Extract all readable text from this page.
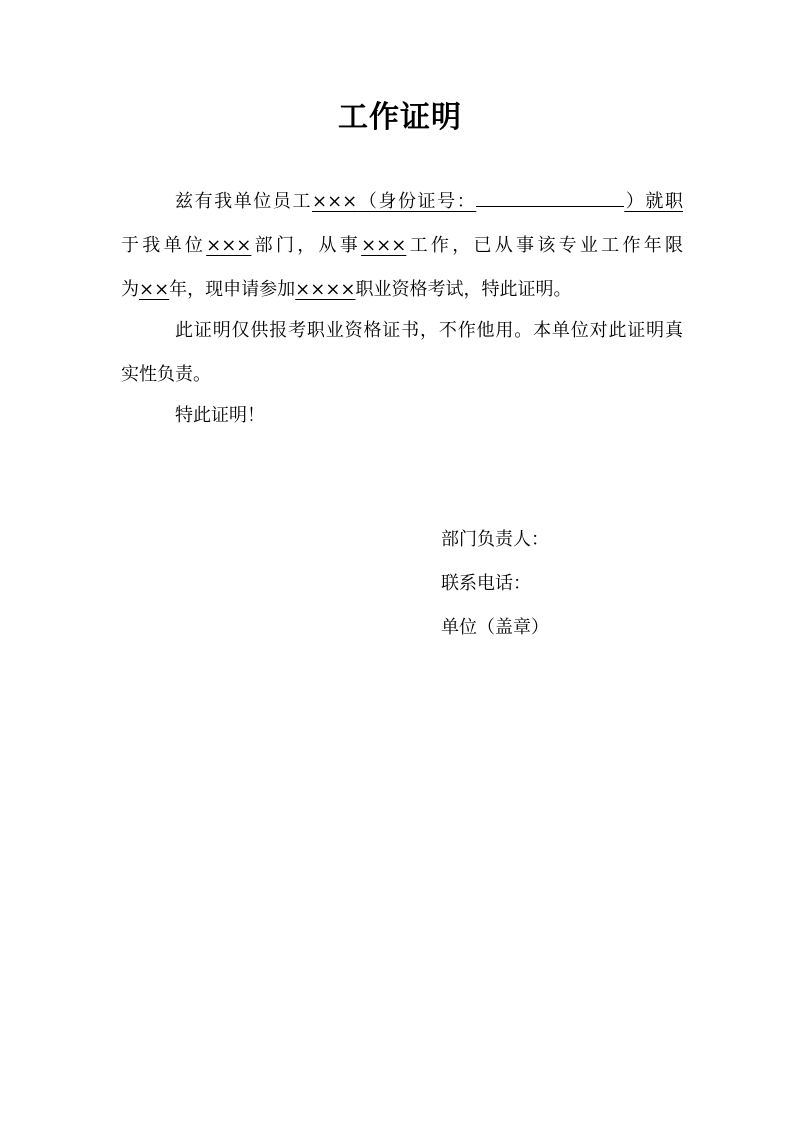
工作证明
兹有我单位员工×××（身份证号：	）就职
于我单位×××部门，从事×××工作，已从事该专业工作年限
为××年，现申请参加××××职业资格考试，特此证明。
此证明仅供报考职业资格证书，不作他用。本单位对此证明真
实性负责。
特此证明！
部门负责人：
联系电话：
单位（盖章）
